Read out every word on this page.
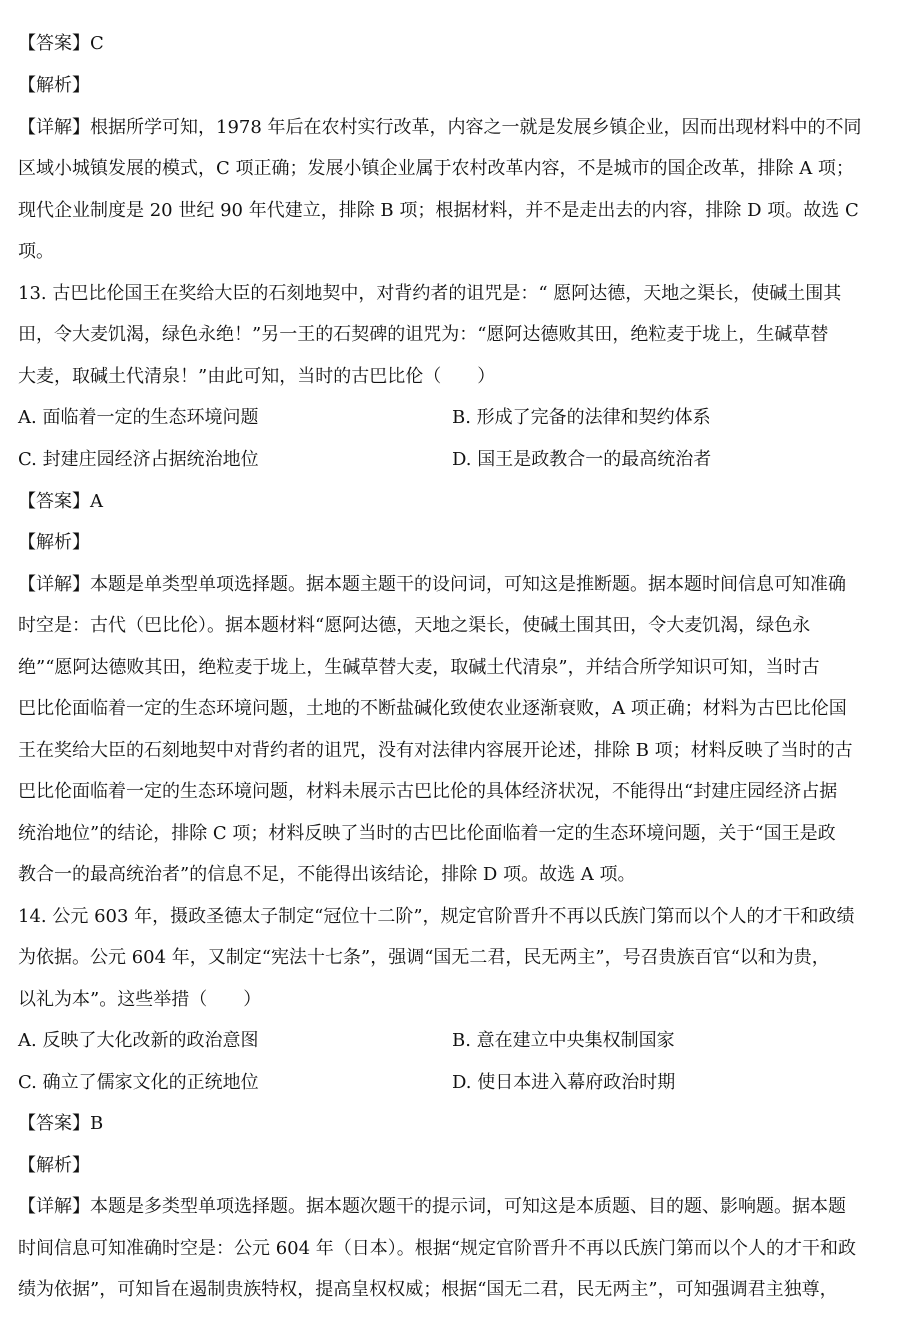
【答案】C
【解析】
【详解】根据所学可知，1978 年后在农村实行改革，内容之一就是发展乡镇企业，因而出现材料中的不同
区域小城镇发展的模式，C 项正确；发展小镇企业属于农村改革内容，不是城市的国企改革，排除 A 项；
现代企业制度是 20 世纪 90 年代建立，排除 B 项；根据材料，并不是走出去的内容，排除 D 项。故选 C
项。
13. 古巴比伦国王在奖给大臣的石刻地契中，对背约者的诅咒是：“ 愿阿达德，天地之渠长，使碱土围其
田，令大麦饥渴，绿色永绝！”另一王的石契碑的诅咒为：“愿阿达德败其田，绝粒麦于垅上，生碱草替
大麦，取碱土代清泉！”由此可知，当时的古巴比伦（　　）
A. 面临着一定的生态环境问题	B. 形成了完备的法律和契约体系
C. 封建庄园经济占据统治地位	D. 国王是政教合一的最高统治者
【答案】A
【解析】
【详解】本题是单类型单项选择题。据本题主题干的设问词，可知这是推断题。据本题时间信息可知准确
时空是：古代（巴比伦）。据本题材料“愿阿达德，天地之渠长，使碱土围其田，令大麦饥渴，绿色永
绝”“愿阿达德败其田，绝粒麦于垅上，生碱草替大麦，取碱土代清泉”，并结合所学知识可知，当时古
巴比伦面临着一定的生态环境问题，土地的不断盐碱化致使农业逐渐衰败，A 项正确；材料为古巴比伦国
王在奖给大臣的石刻地契中对背约者的诅咒，没有对法律内容展开论述，排除 B 项；材料反映了当时的古
巴比伦面临着一定的生态环境问题，材料未展示古巴比伦的具体经济状况，不能得出“封建庄园经济占据
统治地位”的结论，排除 C 项；材料反映了当时的古巴比伦面临着一定的生态环境问题，关于“国王是政
教合一的最高统治者”的信息不足，不能得出该结论，排除 D 项。故选 A 项。
14. 公元 603 年，摄政圣德太子制定“冠位十二阶”，规定官阶晋升不再以氏族门第而以个人的才干和政绩
为依据。公元 604 年，又制定“宪法十七条”，强调“国无二君，民无两主”，号召贵族百官“以和为贵，
以礼为本”。这些举措（　　）
A. 反映了大化改新的政治意图	B. 意在建立中央集权制国家
C. 确立了儒家文化的正统地位	D. 使日本进入幕府政治时期
【答案】B
【解析】
【详解】本题是多类型单项选择题。据本题次题干的提示词，可知这是本质题、目的题、影响题。据本题
时间信息可知准确时空是：公元 604 年（日本）。根据“规定官阶晋升不再以氏族门第而以个人的才干和政
绩为依据”，可知旨在遏制贵族特权，提高皇权权威；根据“国无二君，民无两主”，可知强调君主独尊，
